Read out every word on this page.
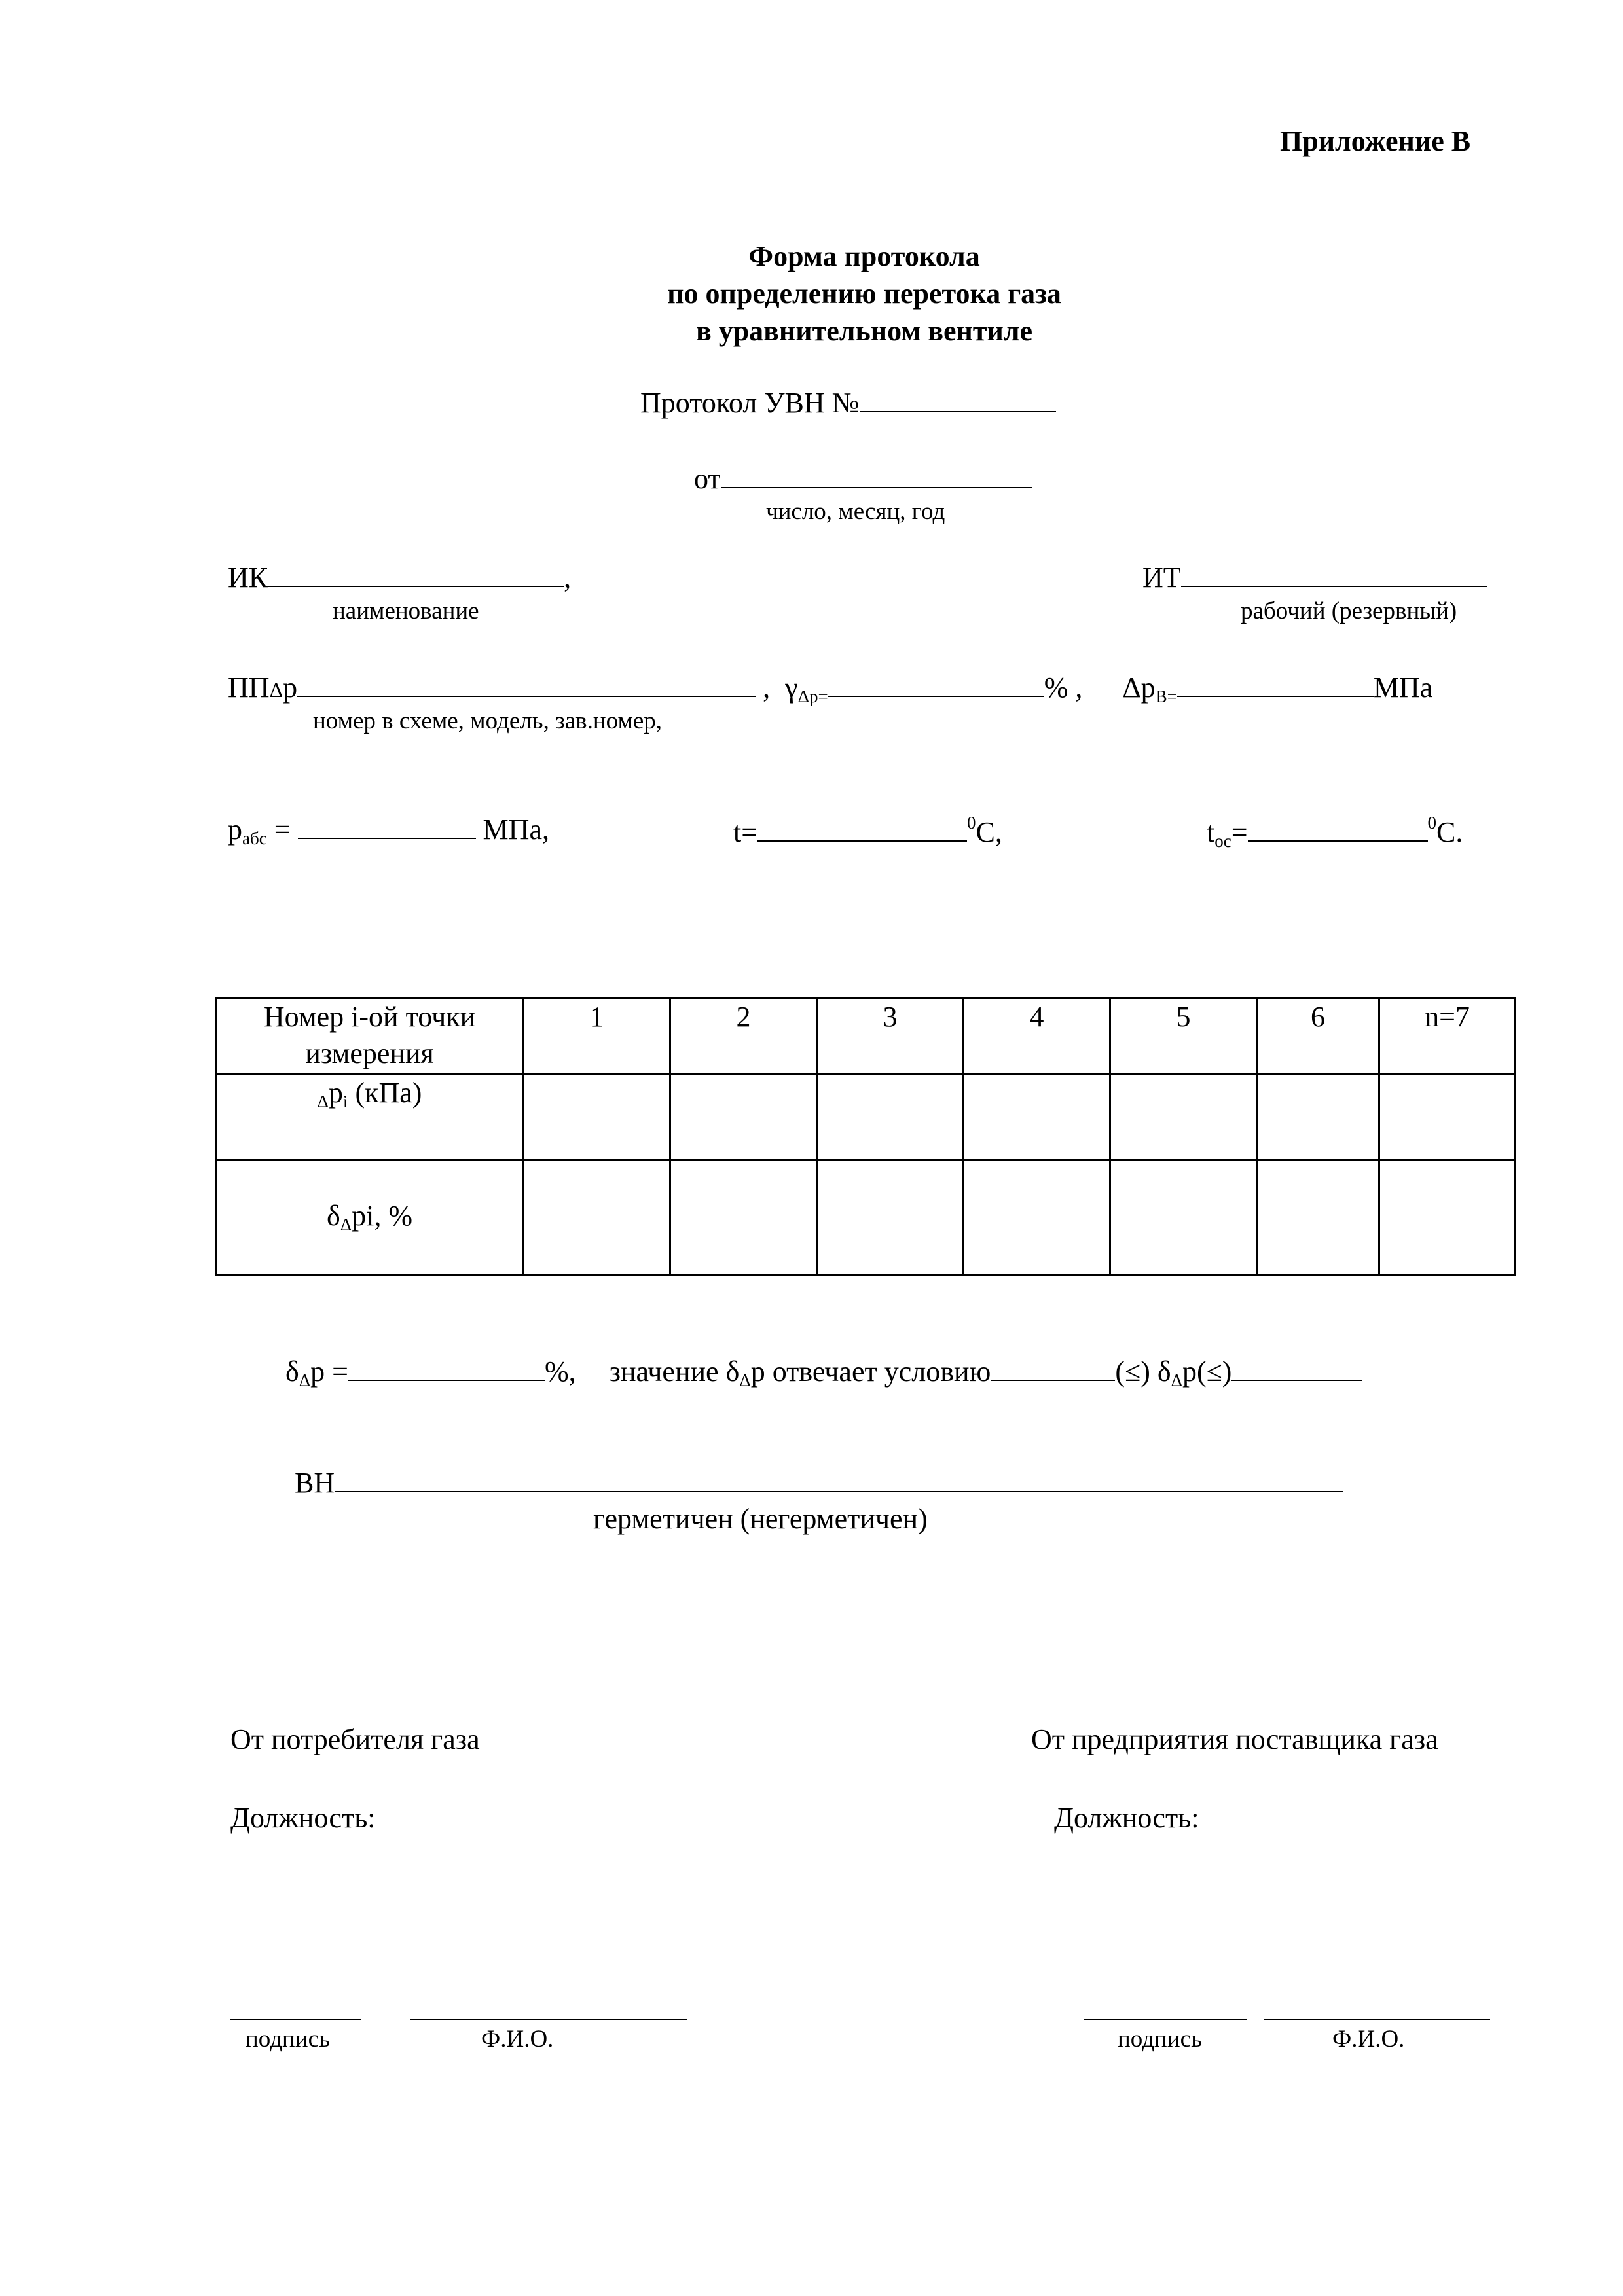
Приложение В
Форма протокола
по определению перетока газа
в уравнительном вентиле
Протокол УВН №
от
число, месяц, год
ИК	,
наименование
ИТ
рабочий (резервный)
ППΔp	, $\gamma_{\Delta р=}$	% , $\Delta p_{В=}$	МПа
номер в схеме, модель, зав.номер,
$p_{абс}$ =	МПа,	t=	$^0$С,	$t_{oc}=$	$^0$С.
Номер i-ой точки измерения	1	2	3	4	5	6	n=7
$_\Delta p_i$ (кПа)							
$\delta_\Delta pi$, %							
$\delta_\Delta p$ =	%, значение $\delta_\Delta p$ отвечает условию	(≤) $\delta_\Delta p(\le)$
ВН
герметичен (негерметичен)
От потребителя газа	От предприятия поставщика газа
Должность:	Должность:
подпись	Ф.И.О.	подпись	Ф.И.О.
